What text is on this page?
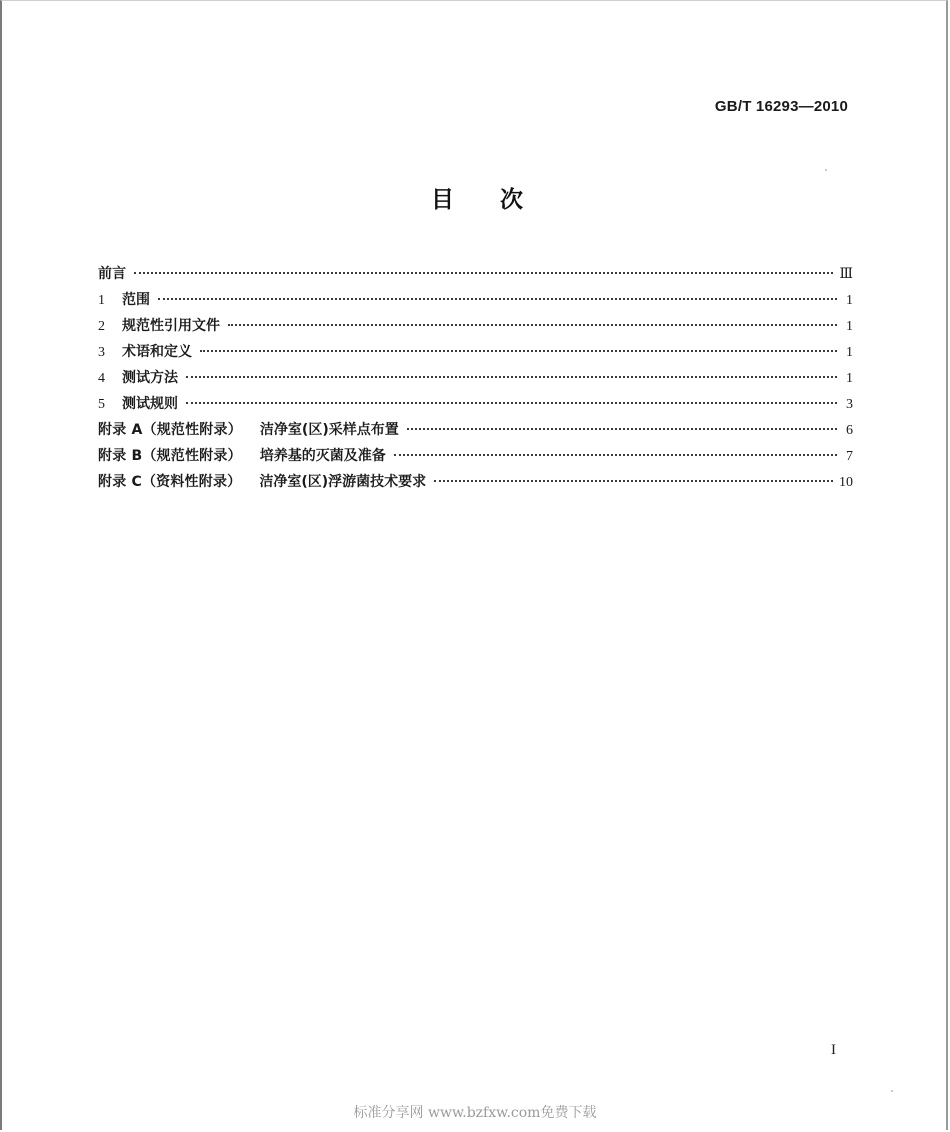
GB/T 16293—2010
目 次
前言	Ⅲ
1	范围	1
2	规范性引用文件	1
3	术语和定义	1
4	测试方法	1
5	测试规则	3
附录 A（规范性附录） 洁净室(区)采样点布置	6
附录 B（规范性附录） 培养基的灭菌及准备	7
附录 C（资料性附录） 洁净室(区)浮游菌技术要求	10
I
标准分享网 www.bzfxw.com免费下载
